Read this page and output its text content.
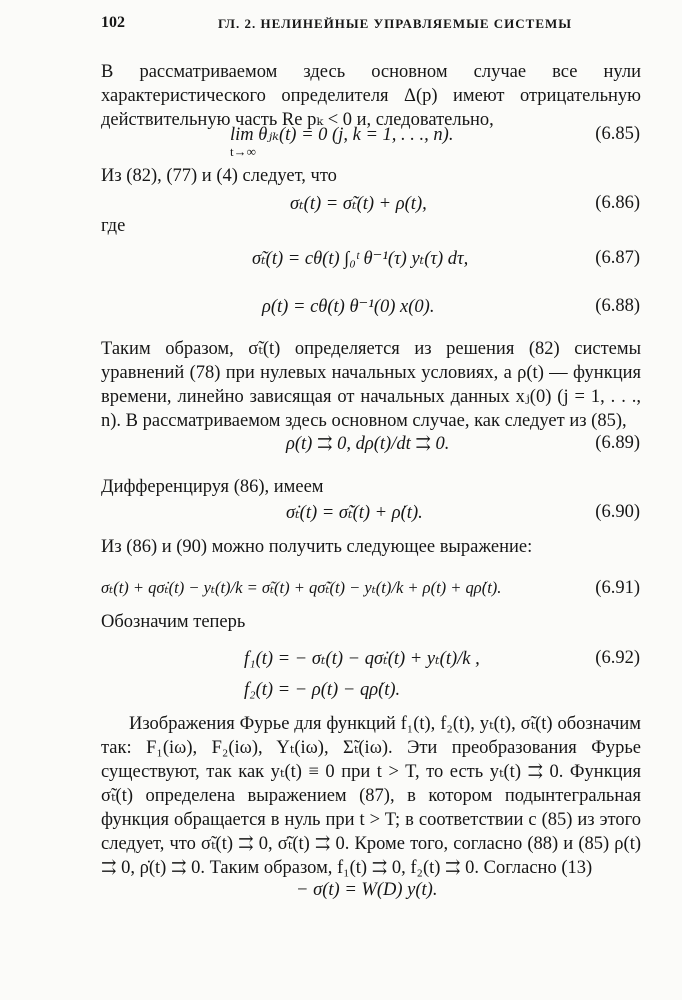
102	ГЛ. 2. НЕЛИНЕЙНЫЕ УПРАВЛЯЕМЫЕ СИСТЕМЫ
В рассматриваемом здесь основном случае все нули характеристического определителя Δ(p) имеют отрицательную действительную часть Re pₖ < 0 и, следовательно,
lim θⱼₖ(t) = 0 (j, k = 1, . . ., n).
t→∞
(6.85)
Из (82), (77) и (4) следует, что
σₜ(t) = σ̃ₜ(t) + ρ(t),	(6.86)
где
σ̃ₜ(t) = cθ(t) ∫₀ᵗ θ⁻¹(τ) yₜ(τ) dτ,	(6.87)
ρ(t) = cθ(t) θ⁻¹(0) x(0).	(6.88)
Таким образом, σ̃ₜ(t) определяется из решения (82) системы уравнений (78) при нулевых начальных условиях, а ρ(t) — функция времени, линейно зависящая от начальных данных xⱼ(0) (j = 1, . . ., n). В рассматриваемом здесь основном случае, как следует из (85),
ρ(t) ⇉ 0, dρ(t)/dt ⇉ 0.	(6.89)
Дифференцируя (86), имеем
σ̇ₜ(t) = σ̃̇ₜ(t) + ρ̇(t).	(6.90)
Из (86) и (90) можно получить следующее выражение:
σₜ(t) + qσ̇ₜ(t) − yₜ(t)/k = σ̃ₜ(t) + qσ̃̇ₜ(t) − yₜ(t)/k + ρ(t) + qρ̇(t).	(6.91)
Обозначим теперь
f₁(t) = − σₜ(t) − qσ̇ₜ(t) + yₜ(t)/k ,	(6.92)
f₂(t) = − ρ(t) − qρ̇(t).
Изображения Фурье для функций f₁(t), f₂(t), yₜ(t), σ̃ₜ(t) обозначим так: F₁(iω), F₂(iω), Yₜ(iω), Σ̃ₜ(iω). Эти преобразования Фурье существуют, так как yₜ(t) ≡ 0 при t > T, то есть yₜ(t) ⇉ 0. Функция σ̃ₜ(t) определена выражением (87), в котором подынтегральная функция обращается в нуль при t > T; в соответствии с (85) из этого следует, что σ̃ₜ(t) ⇉ 0, σ̃̇ₜ(t) ⇉ 0. Кроме того, согласно (88) и (85) ρ(t) ⇉ 0, ρ̇(t) ⇉ 0. Таким образом, f₁(t) ⇉ 0, f₂(t) ⇉ 0. Согласно (13)
− σ(t) = W(D) y(t).
